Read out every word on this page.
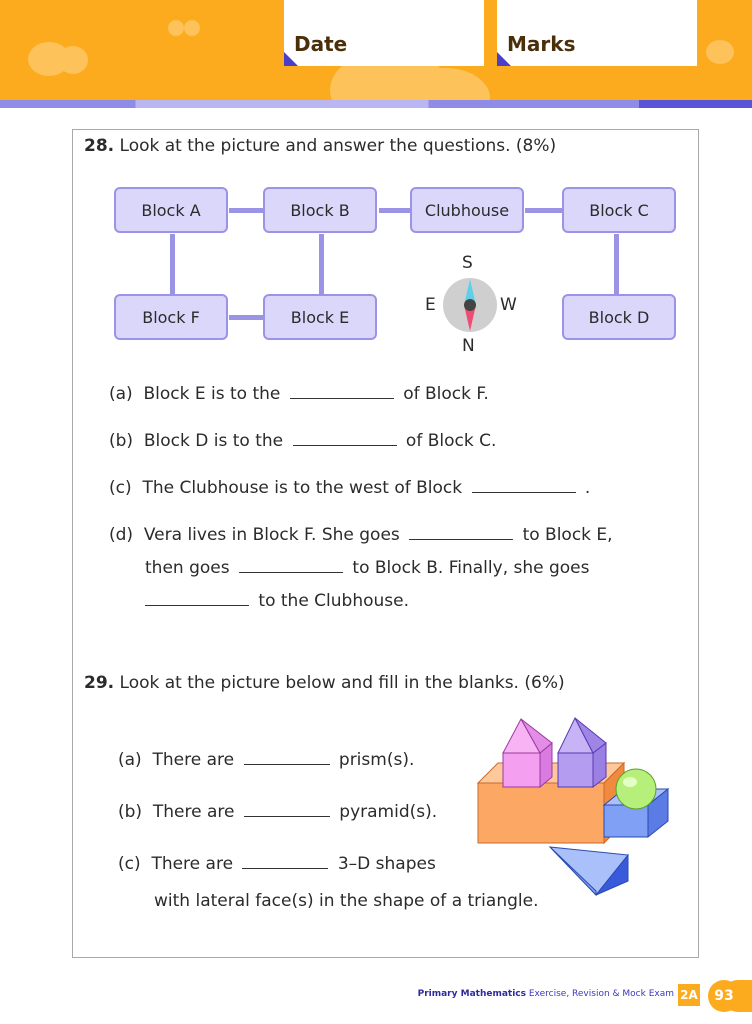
Date	Marks
28. Look at the picture and answer the questions. (8%)
Block A	Block B	Clubhouse	Block C
Block F	Block E	Block D
S
N
E	W
(a) Block E is to the	of Block F.
(b) Block D is to the	of Block C.
(c) The Clubhouse is to the west of Block	.
(d) Vera lives in Block F. She goes	to Block E,
then goes	to Block B. Finally, she goes
to the Clubhouse.
29. Look at the picture below and fill in the blanks. (6%)
(a) There are	prism(s).
(b) There are	pyramid(s).
(c) There are	3–D shapes
with lateral face(s) in the shape of a triangle.
Primary Mathematics Exercise, Revision & Mock Exam 2A	93
